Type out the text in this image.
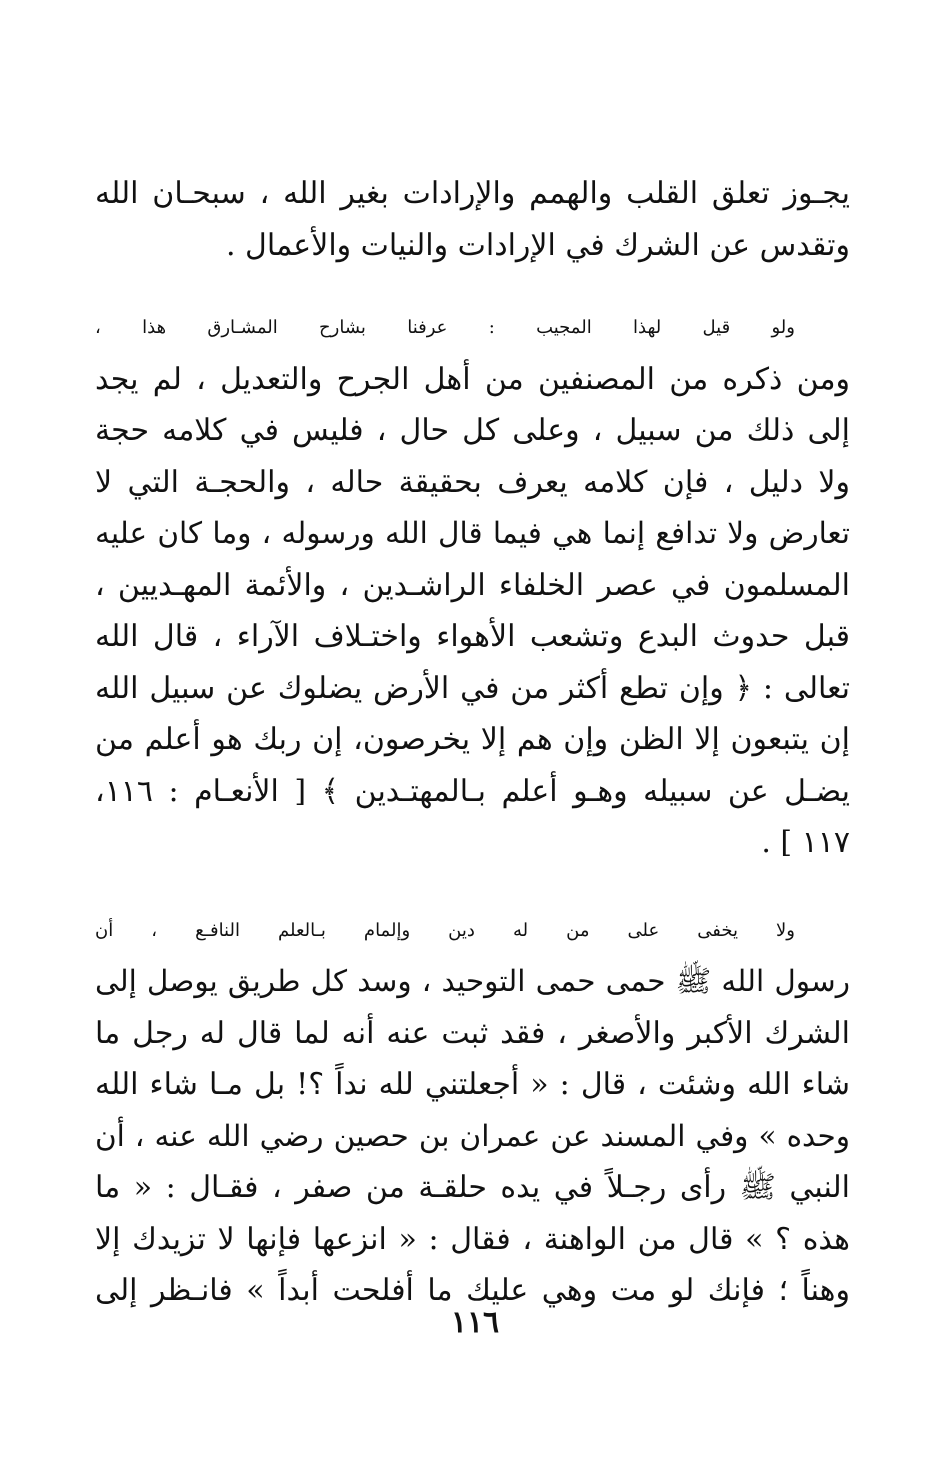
يجـوز تعلق القلب والهمم والإرادات بغير الله ، سبحـان الله
وتقدس عن الشرك في الإرادات والنيات والأعمال .

ولو قيل لهذا المجيب : عرفنا بشارح المشـارق هذا ،
ومن ذكره من المصنفين من أهل الجرح والتعديل ، لم يجد
إلى ذلك من سبيل ، وعلى كل حال ، فليس في كلامه حجة
ولا دليل ، فإن كلامه يعرف بحقيقة حاله ، والحجـة التي لا
تعارض ولا تدافع إنما هي فيما قال الله ورسوله ، وما كان عليه
المسلمون في عصر الخلفاء الراشـدين ، والأئمة المهـديين ،
قبل حدوث البدع وتشعب الأهواء واختـلاف الآراء ، قال الله
تعالى : ﴿ وإن تطع أكثر من في الأرض يضلوك عن سبيل الله
إن يتبعون إلا الظن وإن هم إلا يخرصون، إن ربك هو أعلم من
يضـل عن سبيله وهـو أعلم بـالمهتـدين ﴾ [ الأنعـام : ١١٦،
١١٧ ] .

ولا يخفى على من له دين وإلمام بـالعلم النافـع ، أن
رسول الله ﷺ حمى حمى التوحيد ، وسد كل طريق يوصل إلى
الشرك الأكبر والأصغر ، فقد ثبت عنه أنه لما قال له رجل ما
شاء الله وشئت ، قال : « أجعلتني لله نداً ؟! بل مـا شاء الله
وحده » وفي المسند عن عمران بن حصين رضي الله عنه ، أن
النبي ﷺ رأى رجـلاً في يده حلقـة من صفر ، فقـال : « ما
هذه ؟ » قال من الواهنة ، فقال : « انزعها فإنها لا تزيدك إلا
وهناً ؛ فإنك لو مت وهي عليك ما أفلحت أبداً » فانـظر إلى

١١٦
